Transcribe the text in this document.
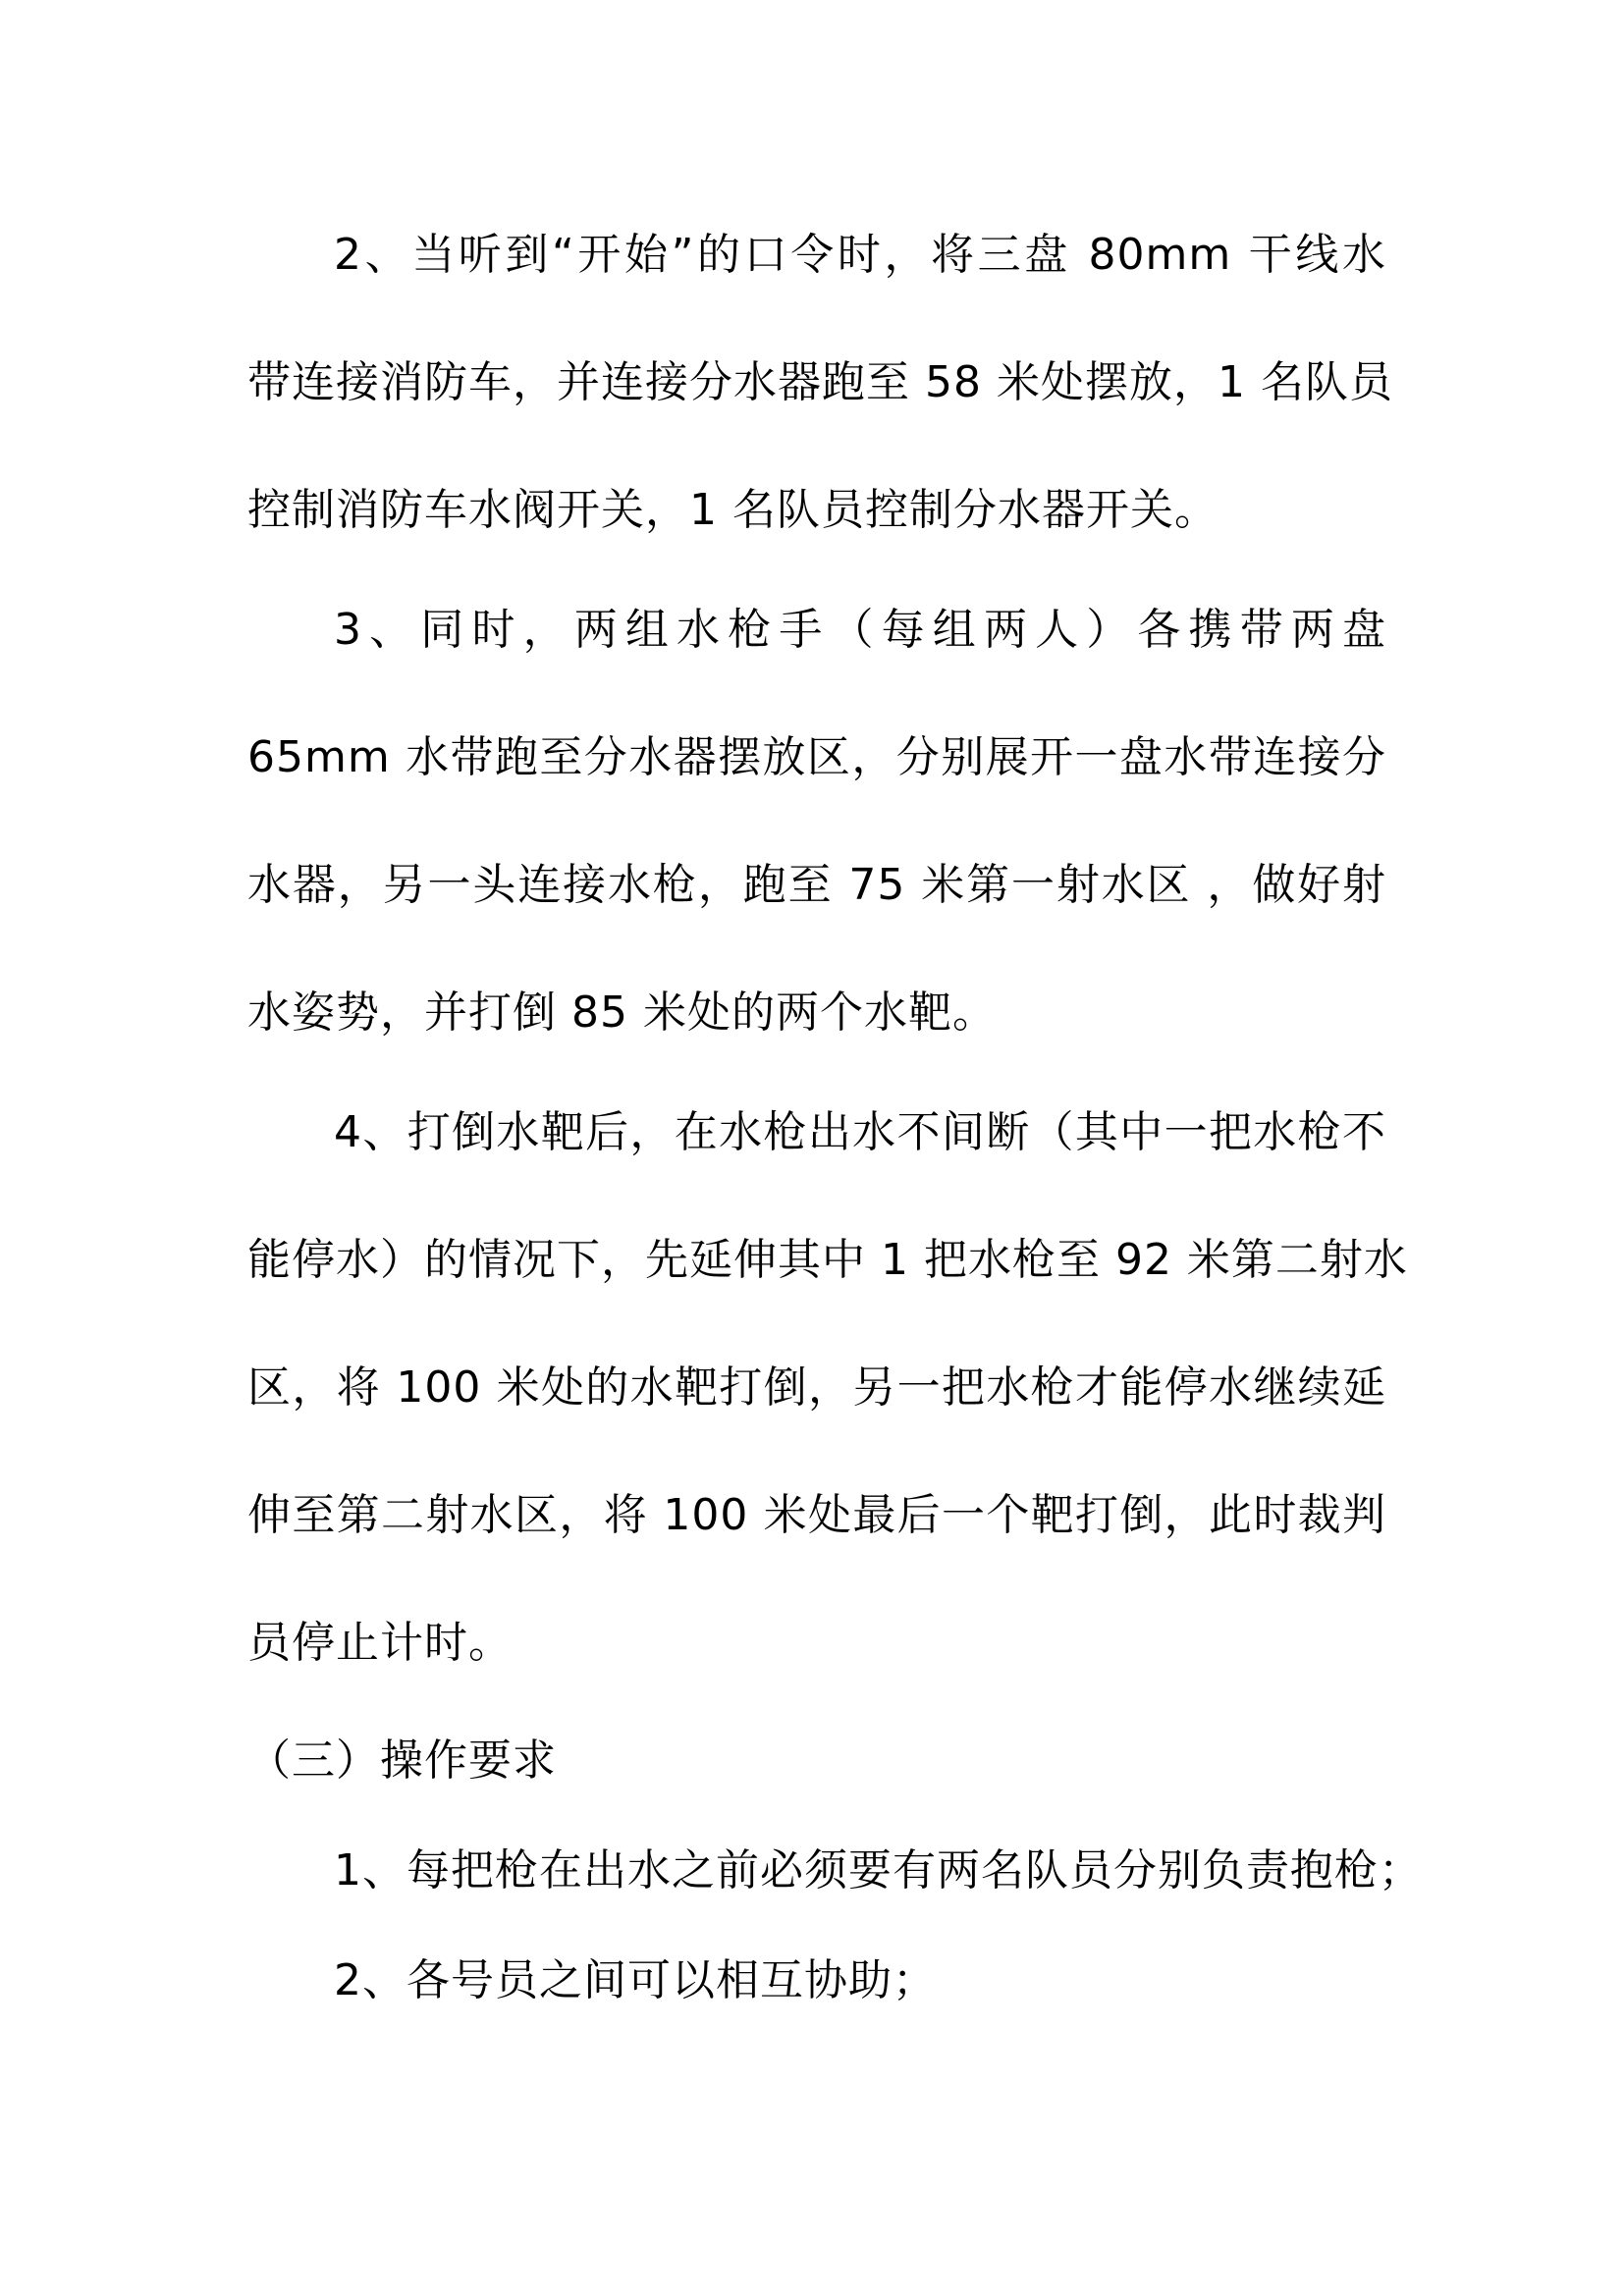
2、当听到“开始”的口令时，将三盘 80mm 干线水
带连接消防车，并连接分水器跑至 58 米处摆放，1 名队员
控制消防车水阀开关，1 名队员控制分水器开关。
3、同时，两组水枪手（每组两人）各携带两盘
65mm 水带跑至分水器摆放区，分别展开一盘水带连接分
水器，另一头连接水枪，跑至 75 米第一射水区 ，做好射
水姿势，并打倒 85 米处的两个水靶。
4、打倒水靶后，在水枪出水不间断（其中一把水枪不
能停水）的情况下，先延伸其中 1 把水枪至 92 米第二射水
区，将 100 米处的水靶打倒，另一把水枪才能停水继续延
伸至第二射水区，将 100 米处最后一个靶打倒，此时裁判
员停止计时。
（三）操作要求
1、每把枪在出水之前必须要有两名队员分别负责抱枪；
2、各号员之间可以相互协助；
